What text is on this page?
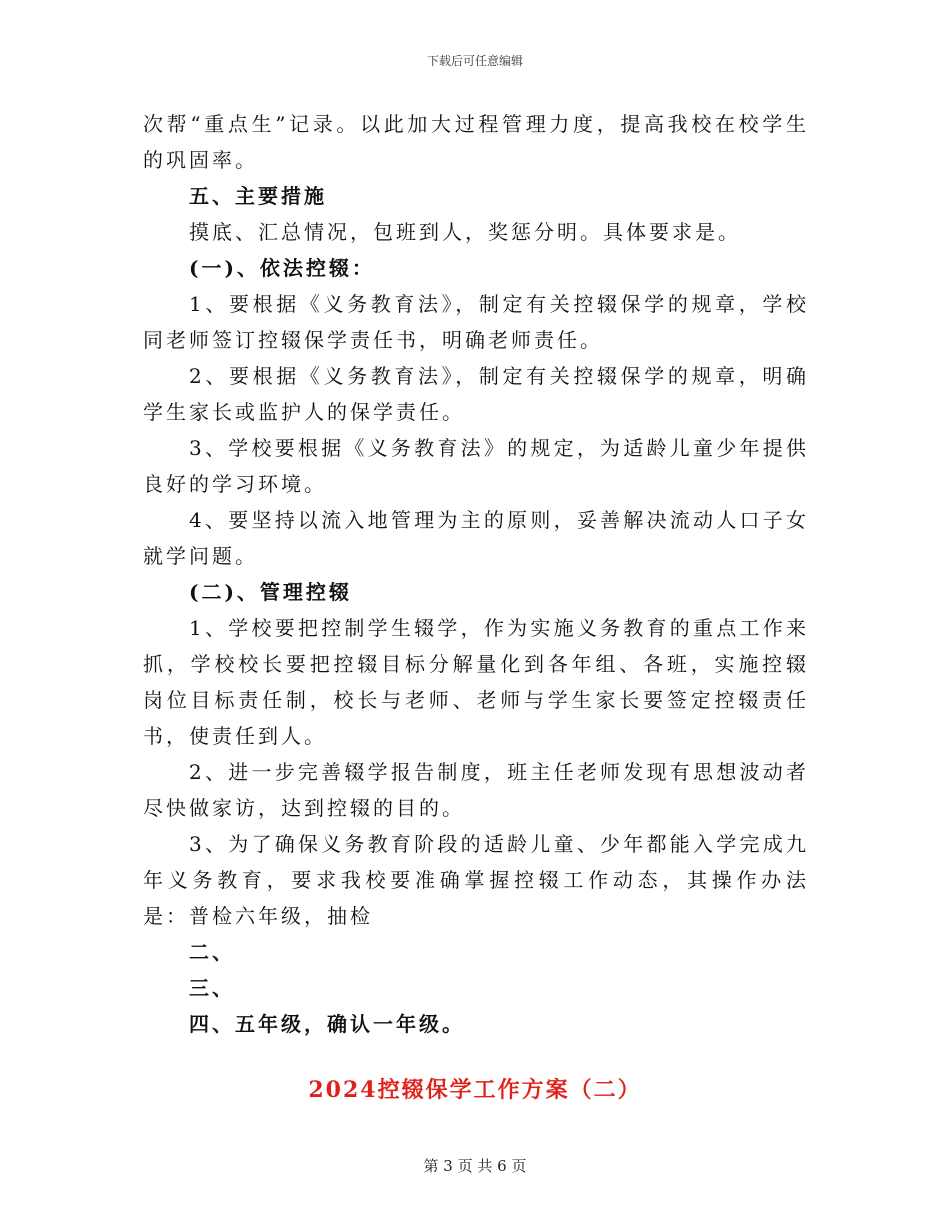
下载后可任意编辑

次帮“重点生”记录。以此加大过程管理力度，提高我校在校学生的巩固率。

五、主要措施

摸底、汇总情况，包班到人，奖惩分明。具体要求是。

(一)、依法控辍：

1、要根据《义务教育法》，制定有关控辍保学的规章，学校同老师签订控辍保学责任书，明确老师责任。

2、要根据《义务教育法》，制定有关控辍保学的规章，明确学生家长或监护人的保学责任。

3、学校要根据《义务教育法》的规定，为适龄儿童少年提供良好的学习环境。

4、要坚持以流入地管理为主的原则，妥善解决流动人口子女就学问题。

(二)、管理控辍

1、学校要把控制学生辍学，作为实施义务教育的重点工作来抓，学校校长要把控辍目标分解量化到各年组、各班，实施控辍岗位目标责任制，校长与老师、老师与学生家长要签定控辍责任书，使责任到人。

2、进一步完善辍学报告制度，班主任老师发现有思想波动者尽快做家访，达到控辍的目的。

3、为了确保义务教育阶段的适龄儿童、少年都能入学完成九年义务教育，要求我校要准确掌握控辍工作动态，其操作办法是：普检六年级，抽检

二、

三、

四、五年级，确认一年级。

2024控辍保学工作方案（二）
第 3 页 共 6 页
